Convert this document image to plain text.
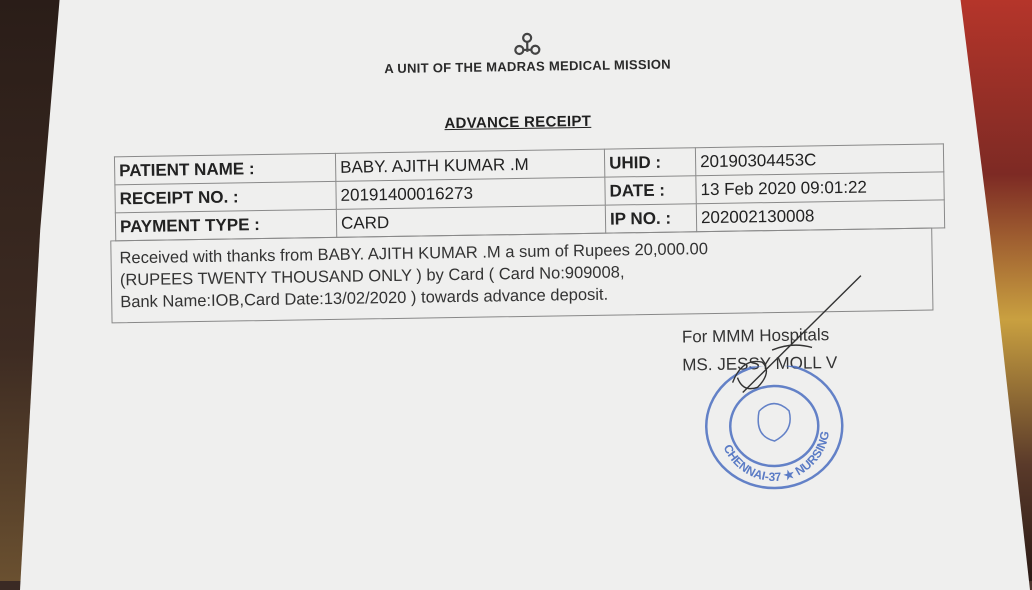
A UNIT OF THE MADRAS MEDICAL MISSION
ADVANCE RECEIPT
PATIENT NAME :	BABY. AJITH KUMAR .M	UHID :	20190304453C
RECEIPT NO. :	20191400016273	DATE :	13 Feb 2020 09:01:22
PAYMENT TYPE :	CARD	IP NO. :	202002130008
Received with thanks from BABY. AJITH KUMAR .M a sum of Rupees 20,000.00
(RUPEES TWENTY THOUSAND ONLY ) by Card ( Card No:909008,
Bank Name:IOB,Card Date:13/02/2020 ) towards advance deposit.
For MMM Hospitals
MS. JESSY MOLL V
CHENNAI-37 ★ NURSING
